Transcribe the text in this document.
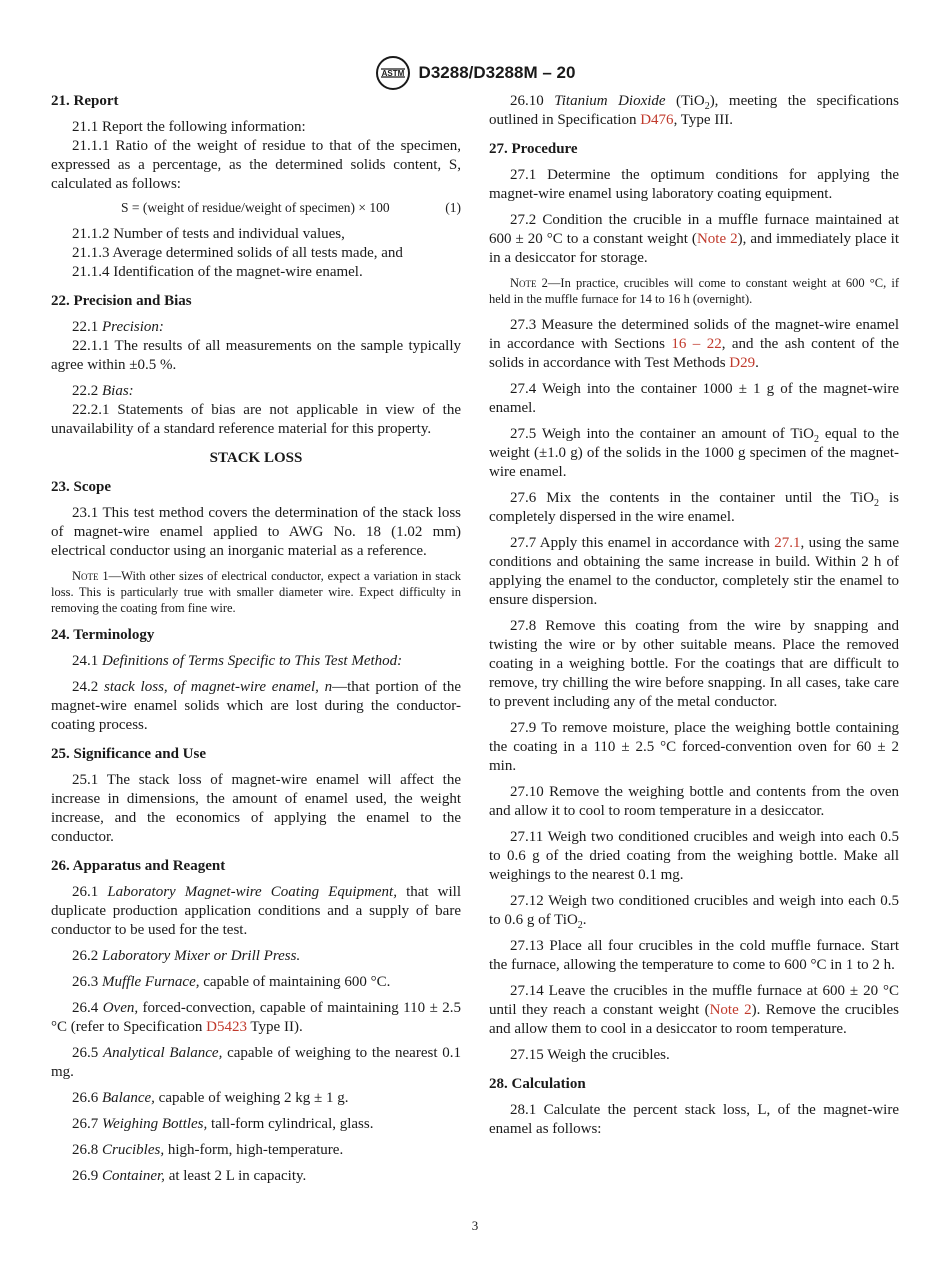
ASTM D3288/D3288M – 20
21. Report
21.1 Report the following information:
21.1.1 Ratio of the weight of residue to that of the specimen, expressed as a percentage, as the determined solids content, S, calculated as follows:
S = (weight of residue/weight of specimen) × 100	(1)
21.1.2 Number of tests and individual values,
21.1.3 Average determined solids of all tests made, and
21.1.4 Identification of the magnet-wire enamel.
22. Precision and Bias
22.1 Precision:
22.1.1 The results of all measurements on the sample typically agree within ±0.5 %.
22.2 Bias:
22.2.1 Statements of bias are not applicable in view of the unavailability of a standard reference material for this property.
STACK LOSS
23. Scope
23.1 This test method covers the determination of the stack loss of magnet-wire enamel applied to AWG No. 18 (1.02 mm) electrical conductor using an inorganic material as a reference.
Note 1—With other sizes of electrical conductor, expect a variation in stack loss. This is particularly true with smaller diameter wire. Expect difficulty in removing the coating from fine wire.
24. Terminology
24.1 Definitions of Terms Specific to This Test Method:
24.2 stack loss, of magnet-wire enamel, n—that portion of the magnet-wire enamel solids which are lost during the conductor-coating process.
25. Significance and Use
25.1 The stack loss of magnet-wire enamel will affect the increase in dimensions, the amount of enamel used, the weight increase, and the economics of applying the enamel to the conductor.
26. Apparatus and Reagent
26.1 Laboratory Magnet-wire Coating Equipment, that will duplicate production application conditions and a supply of bare conductor to be used for the test.
26.2 Laboratory Mixer or Drill Press.
26.3 Muffle Furnace, capable of maintaining 600 °C.
26.4 Oven, forced-convection, capable of maintaining 110 ± 2.5 °C (refer to Specification D5423 Type II).
26.5 Analytical Balance, capable of weighing to the nearest 0.1 mg.
26.6 Balance, capable of weighing 2 kg ± 1 g.
26.7 Weighing Bottles, tall-form cylindrical, glass.
26.8 Crucibles, high-form, high-temperature.
26.9 Container, at least 2 L in capacity.
26.10 Titanium Dioxide (TiO$_2$), meeting the specifications outlined in Specification D476, Type III.
27. Procedure
27.1 Determine the optimum conditions for applying the magnet-wire enamel using laboratory coating equipment.
27.2 Condition the crucible in a muffle furnace maintained at 600 ± 20 °C to a constant weight (Note 2), and immediately place it in a desiccator for storage.
Note 2—In practice, crucibles will come to constant weight at 600 °C, if held in the muffle furnace for 14 to 16 h (overnight).
27.3 Measure the determined solids of the magnet-wire enamel in accordance with Sections 16 – 22, and the ash content of the solids in accordance with Test Methods D29.
27.4 Weigh into the container 1000 ± 1 g of the magnet-wire enamel.
27.5 Weigh into the container an amount of TiO$_2$ equal to the weight (±1.0 g) of the solids in the 1000 g specimen of the magnet-wire enamel.
27.6 Mix the contents in the container until the TiO$_2$ is completely dispersed in the wire enamel.
27.7 Apply this enamel in accordance with 27.1, using the same conditions and obtaining the same increase in build. Within 2 h of applying the enamel to the conductor, completely stir the enamel to ensure dispersion.
27.8 Remove this coating from the wire by snapping and twisting the wire or by other suitable means. Place the removed coating in a weighing bottle. For the coatings that are difficult to remove, try chilling the wire before snapping. In all cases, take care to prevent including any of the metal conductor.
27.9 To remove moisture, place the weighing bottle containing the coating in a 110 ± 2.5 °C forced-convention oven for 60 ± 2 min.
27.10 Remove the weighing bottle and contents from the oven and allow it to cool to room temperature in a desiccator.
27.11 Weigh two conditioned crucibles and weigh into each 0.5 to 0.6 g of the dried coating from the weighing bottle. Make all weighings to the nearest 0.1 mg.
27.12 Weigh two conditioned crucibles and weigh into each 0.5 to 0.6 g of TiO$_2$.
27.13 Place all four crucibles in the cold muffle furnace. Start the furnace, allowing the temperature to come to 600 °C in 1 to 2 h.
27.14 Leave the crucibles in the muffle furnace at 600 ± 20 °C until they reach a constant weight (Note 2). Remove the crucibles and allow them to cool in a desiccator to room temperature.
27.15 Weigh the crucibles.
28. Calculation
28.1 Calculate the percent stack loss, L, of the magnet-wire enamel as follows:
3
